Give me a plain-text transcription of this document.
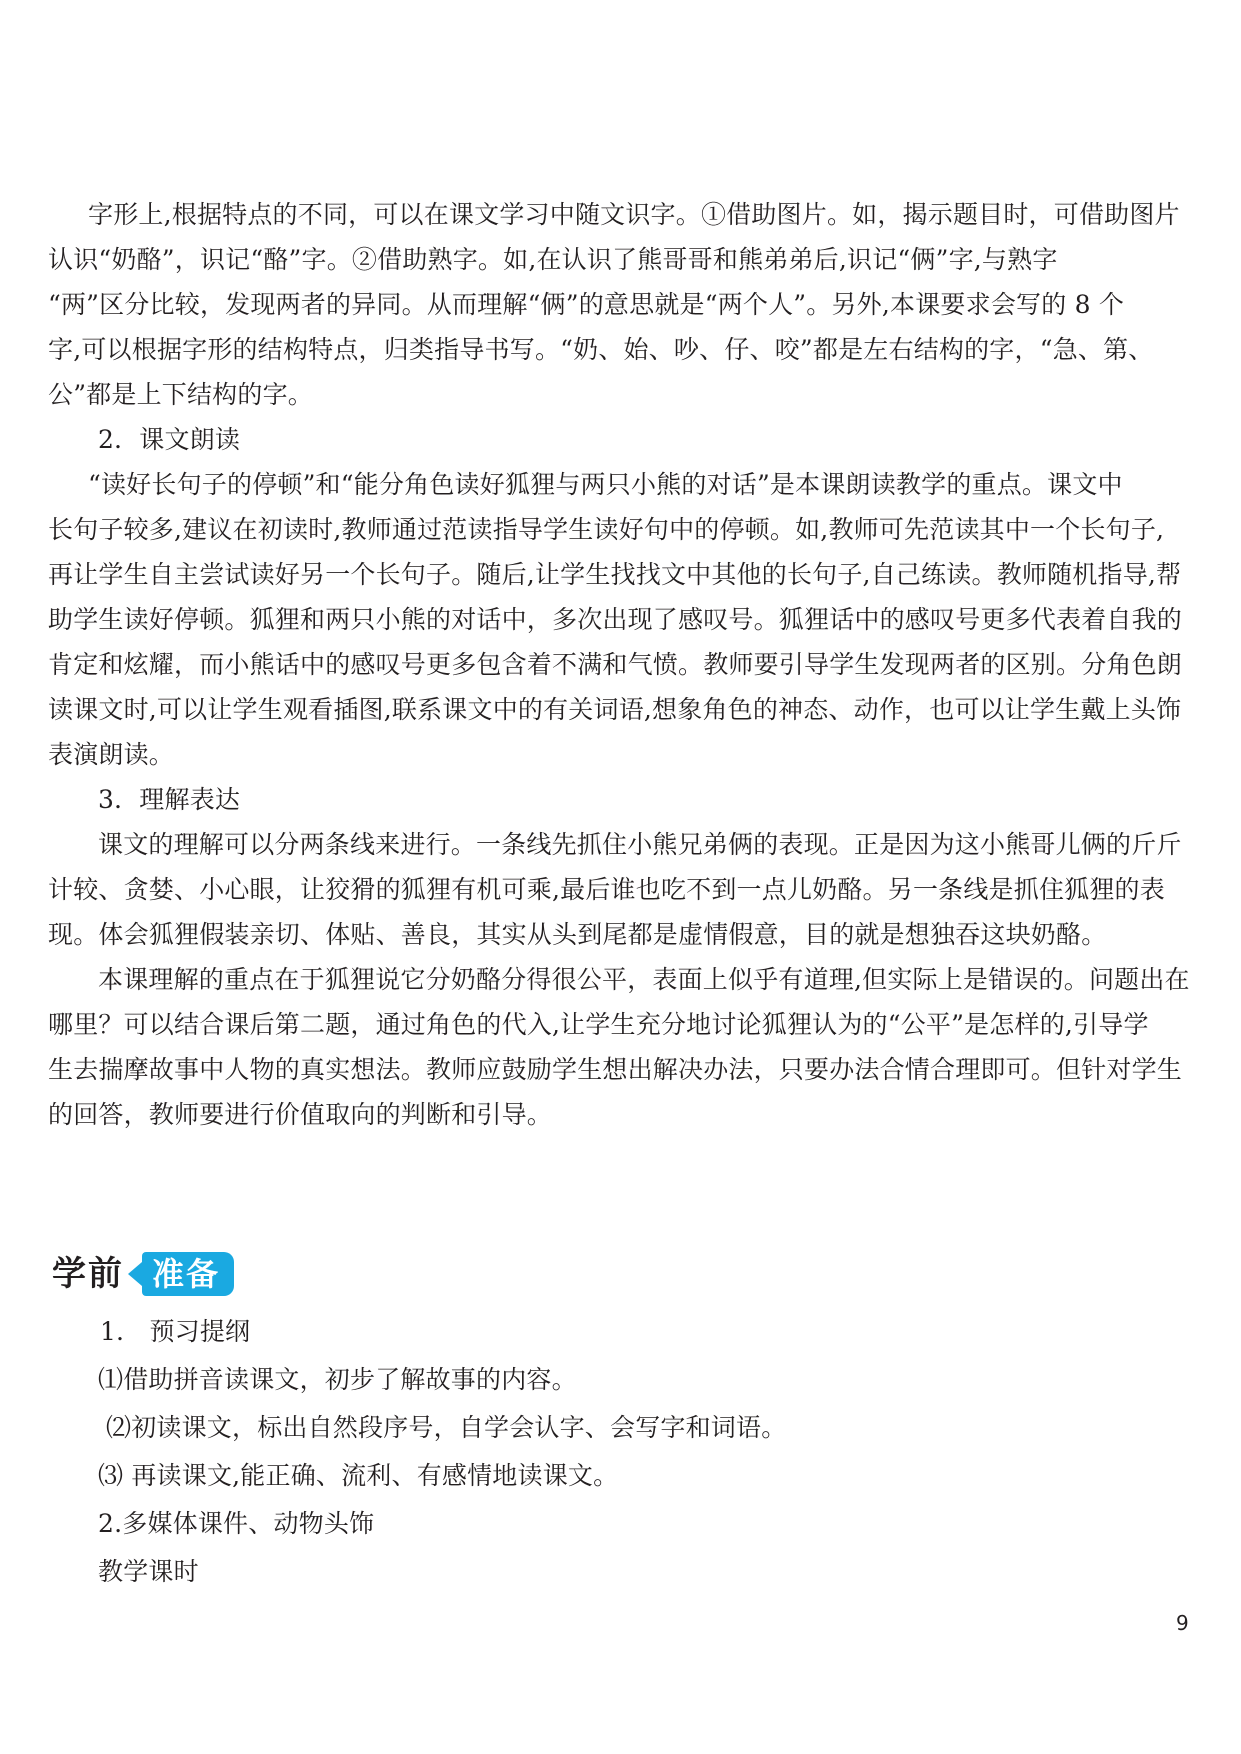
字形上,根据特点的不同，可以在课文学习中随文识字。①借助图片。如，揭示题目时，可借助图片
认识“奶酪”，识记“酪”字。②借助熟字。如,在认识了熊哥哥和熊弟弟后,识记“俩”字,与熟字
“两”区分比较，发现两者的异同。从而理解“俩”的意思就是“两个人”。另外,本课要求会写的 8 个
字,可以根据字形的结构特点，归类指导书写。“奶、始、吵、仔、咬”都是左右结构的字，“急、第、
公”都是上下结构的字。
2．课文朗读
“读好长句子的停顿”和“能分角色读好狐狸与两只小熊的对话”是本课朗读教学的重点。课文中
长句子较多,建议在初读时,教师通过范读指导学生读好句中的停顿。如,教师可先范读其中一个长句子,
再让学生自主尝试读好另一个长句子。随后,让学生找找文中其他的长句子,自己练读。教师随机指导,帮
助学生读好停顿。狐狸和两只小熊的对话中，多次出现了感叹号。狐狸话中的感叹号更多代表着自我的
肯定和炫耀，而小熊话中的感叹号更多包含着不满和气愤。教师要引导学生发现两者的区别。分角色朗
读课文时,可以让学生观看插图,联系课文中的有关词语,想象角色的神态、动作，也可以让学生戴上头饰
表演朗读。
3．理解表达
课文的理解可以分两条线来进行。一条线先抓住小熊兄弟俩的表现。正是因为这小熊哥儿俩的斤斤
计较、贪婪、小心眼，让狡猾的狐狸有机可乘,最后谁也吃不到一点儿奶酪。另一条线是抓住狐狸的表
现。体会狐狸假装亲切、体贴、善良，其实从头到尾都是虚情假意，目的就是想独吞这块奶酪。
本课理解的重点在于狐狸说它分奶酪分得很公平，表面上似乎有道理,但实际上是错误的。问题出在
哪里？可以结合课后第二题，通过角色的代入,让学生充分地讨论狐狸认为的“公平”是怎样的,引导学
生去揣摩故事中人物的真实想法。教师应鼓励学生想出解决办法，只要办法合情合理即可。但针对学生
的回答，教师要进行价值取向的判断和引导。
学前 准备
1． 预习提纲
⑴借助拼音读课文，初步了解故事的内容。
⑵初读课文，标出自然段序号，自学会认字、会写字和词语。
⑶ 再读课文,能正确、流利、有感情地读课文。
2.多媒体课件、动物头饰
教学课时
9
